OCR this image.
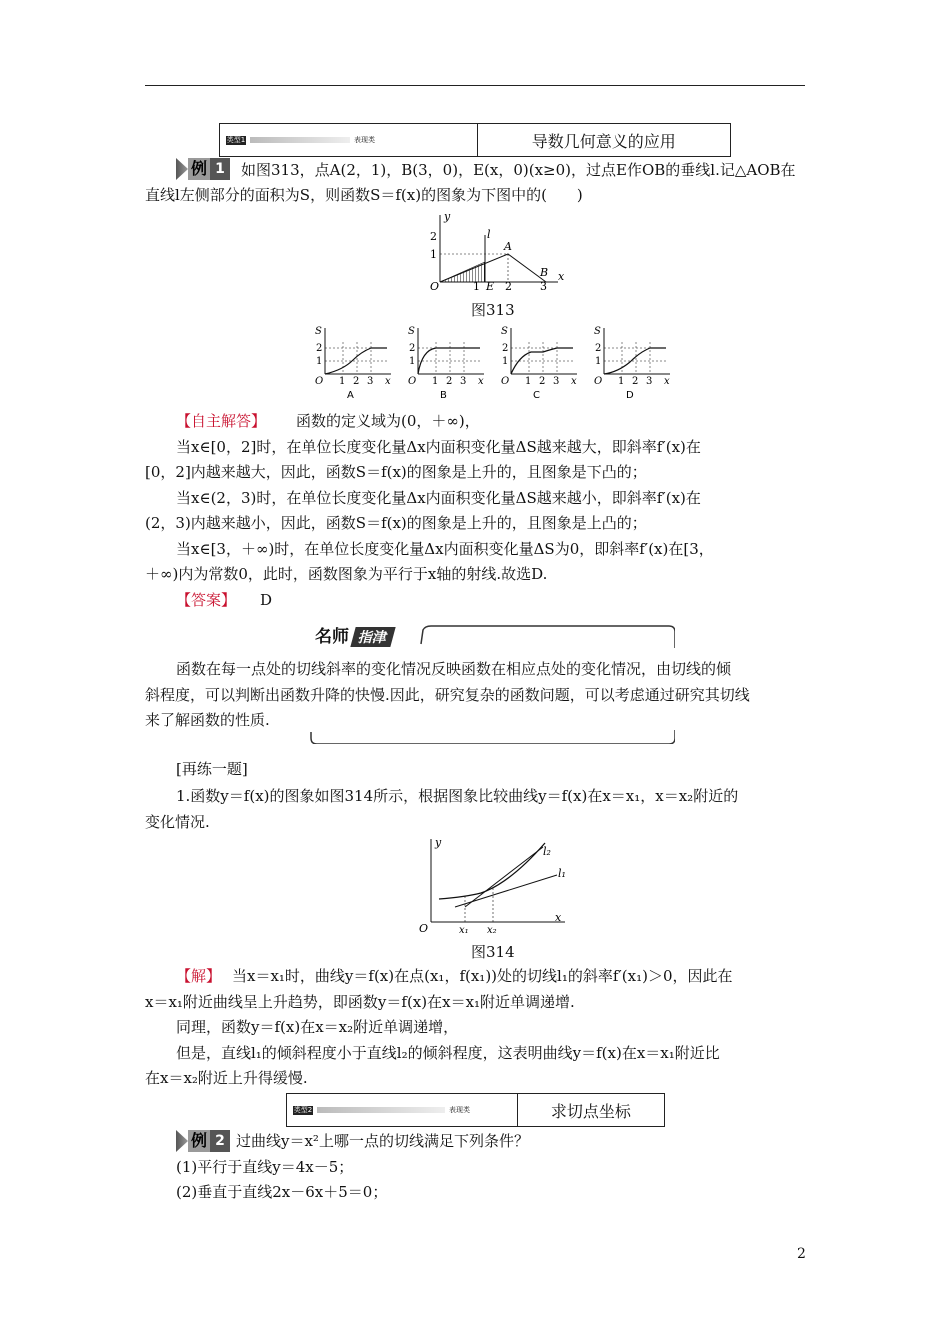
类型1	表现类	导数几何意义的应用
例 1	如图313，点A(2，1)，B(3，0)，E(x，0)(x≥0)，过点E作OB的垂线l.记△AOB在
直线l左侧部分的面积为S，则函数S＝f(x)的图象为下图中的(　　)
y
x
O
l
A
B
E
1 2	3
1
2
图313
S
x
O
2
1
1 2 3
A
S
x
O
2
1
1 2 3
B
S
x
O
2
1
1 2 3
C
S
x
O
2
1
1 2 3
D
【自主解答】 函数的定义域为(0，＋∞)，
当x∈[0，2]时，在单位长度变化量Δx内面积变化量ΔS越来越大，即斜率f′(x)在
[0，2]内越来越大，因此，函数S＝f(x)的图象是上升的，且图象是下凸的；
当x∈(2，3)时，在单位长度变化量Δx内面积变化量ΔS越来越小，即斜率f′(x)在
(2，3)内越来越小，因此，函数S＝f(x)的图象是上升的，且图象是上凸的；
当x∈[3，＋∞)时，在单位长度变化量Δx内面积变化量ΔS为0，即斜率f′(x)在[3，
＋∞)内为常数0，此时，函数图象为平行于x轴的射线.故选D.
【答案】 D
名师 指津
函数在每一点处的切线斜率的变化情况反映函数在相应点处的变化情况，由切线的倾
斜程度，可以判断出函数升降的快慢.因此，研究复杂的函数问题，可以考虑通过研究其切线
来了解函数的性质.
[再练一题]
1.函数y＝f(x)的图象如图314所示，根据图象比较曲线y＝f(x)在x＝x₁，x＝x₂附近的
变化情况.
y
x
O
l₁
l₂
x₁ x₂
图314
【解】 当x＝x₁时，曲线y＝f(x)在点(x₁，f(x₁))处的切线l₁的斜率f′(x₁)＞0，因此在
x＝x₁附近曲线呈上升趋势，即函数y＝f(x)在x＝x₁附近单调递增.
同理，函数y＝f(x)在x＝x₂附近单调递增，
但是，直线l₁的倾斜程度小于直线l₂的倾斜程度，这表明曲线y＝f(x)在x＝x₁附近比
在x＝x₂附近上升得缓慢.
类型2	表现类	求切点坐标
例 2 过曲线y＝x²上哪一点的切线满足下列条件？
(1)平行于直线y＝4x－5；
(2)垂直于直线2x－6x＋5＝0；
2
